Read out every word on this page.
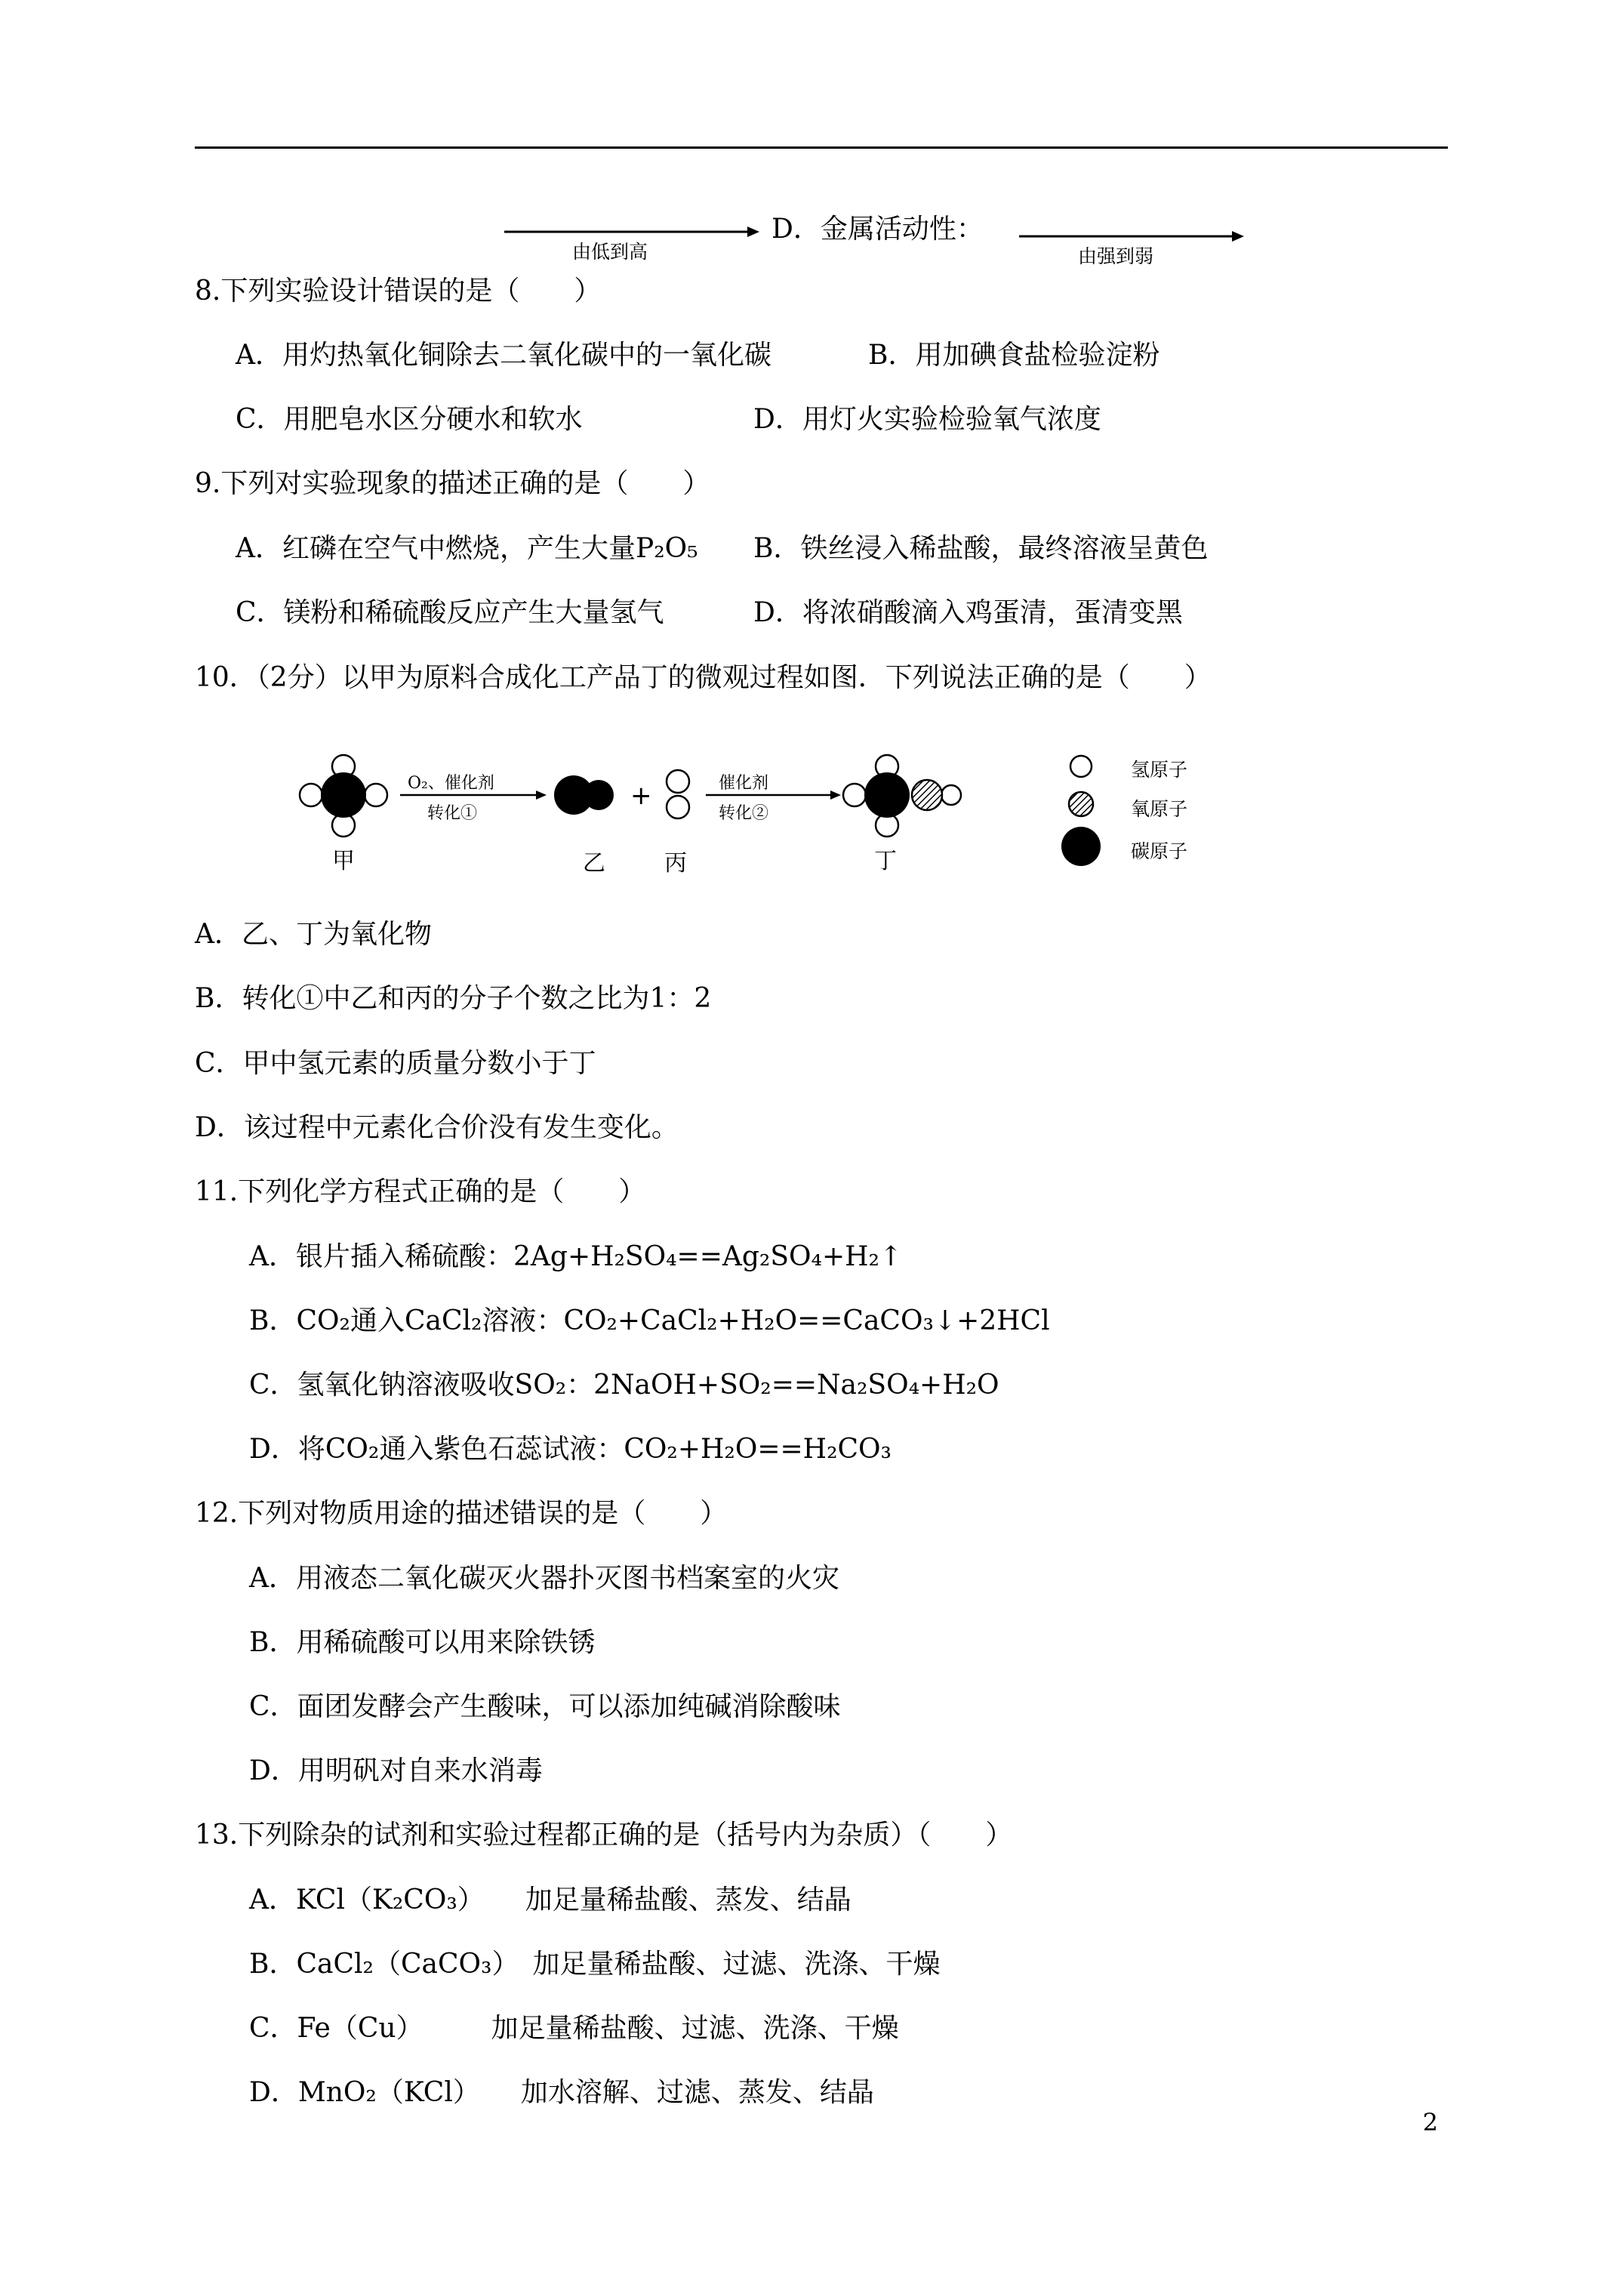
由低到高
D．金属活动性：
由强到弱
8.下列实验设计错误的是（　　）
A．用灼热氧化铜除去二氧化碳中的一氧化碳	B．用加碘食盐检验淀粉
C．用肥皂水区分硬水和软水	D．用灯火实验检验氧气浓度
9.下列对实验现象的描述正确的是（　　）
A．红磷在空气中燃烧，产生大量P₂O₅ B．铁丝浸入稀盐酸，最终溶液呈黄色
C．镁粉和稀硫酸反应产生大量氢气	D．将浓硝酸滴入鸡蛋清，蛋清变黑
10．（2分）以甲为原料合成化工产品丁的微观过程如图．下列说法正确的是（　　）
+
O₂、催化剂
转化①
催化剂
转化②
甲	乙	丙	丁
氢原子
氧原子
碳原子
A．乙、丁为氧化物
B．转化①中乙和丙的分子个数之比为1：2
C．甲中氢元素的质量分数小于丁
D．该过程中元素化合价没有发生变化。
11.下列化学方程式正确的是（　　）
A．银片插入稀硫酸：2Ag+H₂SO₄==Ag₂SO₄+H₂↑
B．CO₂通入CaCl₂溶液：CO₂+CaCl₂+H₂O==CaCO₃↓+2HCl
C．氢氧化钠溶液吸收SO₂：2NaOH+SO₂==Na₂SO₄+H₂O
D．将CO₂通入紫色石蕊试液：CO₂+H₂O==H₂CO₃
12.下列对物质用途的描述错误的是（　　）
A．用液态二氧化碳灭火器扑灭图书档案室的火灾
B．用稀硫酸可以用来除铁锈
C．面团发酵会产生酸味，可以添加纯碱消除酸味
D．用明矾对自来水消毒
13.下列除杂的试剂和实验过程都正确的是（括号内为杂质）（　　）
A．KCl（K₂CO₃）　　加足量稀盐酸、蒸发、结晶
B．CaCl₂（CaCO₃）　加足量稀盐酸、过滤、洗涤、干燥
C．Fe（Cu）　　　加足量稀盐酸、过滤、洗涤、干燥
D．MnO₂（KCl）　　加水溶解、过滤、蒸发、结晶
2
